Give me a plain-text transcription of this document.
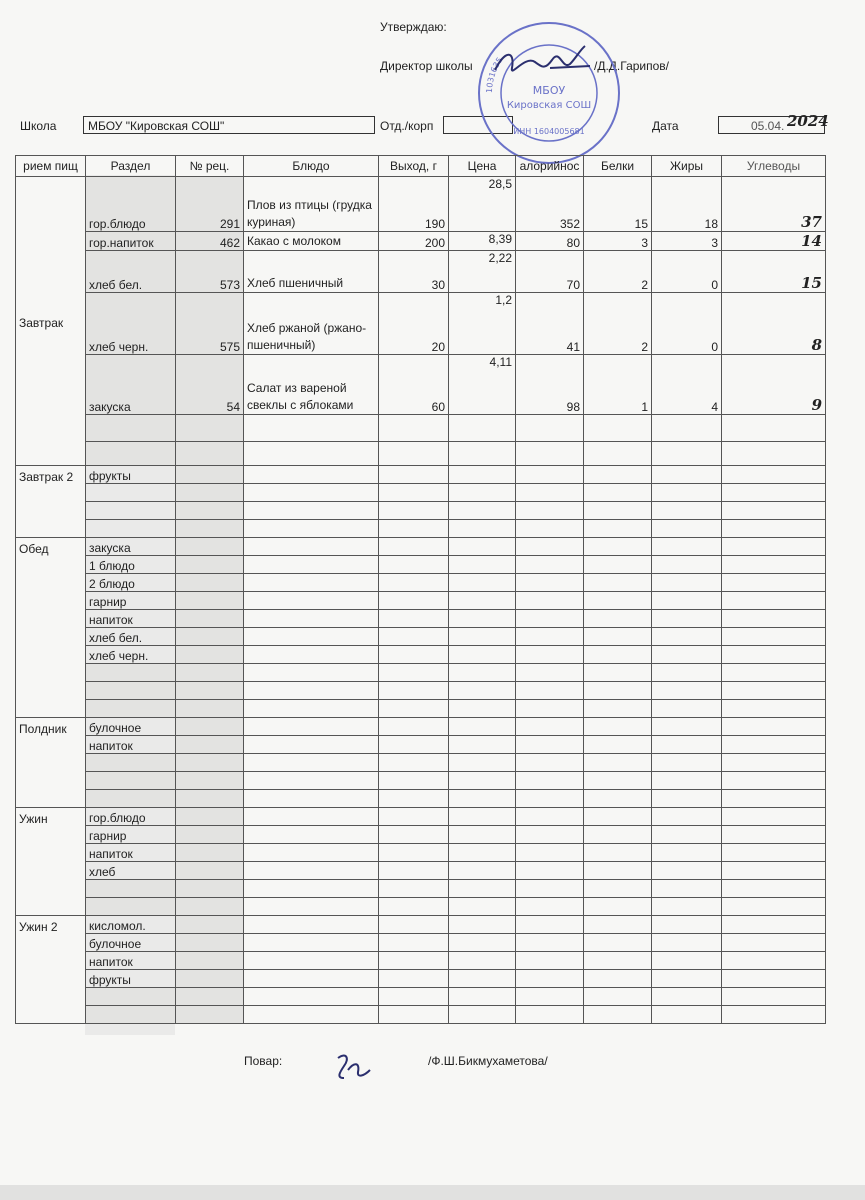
Утверждаю:
Директор школы	/Д.Д.Гарипов/
Школа	МБОУ "Кировская СОШ"	Отд./корп	Дата	05.04. 2024
1031635
МБОУ
Кировская СОШ
ИНН 1604005681
рием пищ	Раздел	№ рец.	Блюдо	Выход, г	Цена	алорийнос	Белки	Жиры	Углеводы
Завтрак	гор.блюдо	291	Плов из птицы (грудка куриная)	190	28,5	352	15	18	37
	гор.напиток	462	Какао с молоком	200	8,39	80	3	3	14
	хлеб бел.	573	Хлеб пшеничный	30	2,22	70	2	0	15
	хлеб черн.	575	Хлеб ржаной (ржано-пшеничный)	20	1,2	41	2	0	8
	закуска	54	Салат из вареной свеклы с яблоками	60	4,11	98	1	4	9

Завтрак 2	фрукты								

Обед	закуска								
	1 блюдо								
	2 блюдо								
	гарнир								
	напиток								
	хлеб бел.								
	хлеб черн.								

Полдник	булочное								
	напиток								

Ужин	гор.блюдо								
	гарнир								
	напиток								
	хлеб								

Ужин 2	кисломол.								
	булочное								
	напиток								
	фрукты								

Повар:	/Ф.Ш.Бикмухаметова/
